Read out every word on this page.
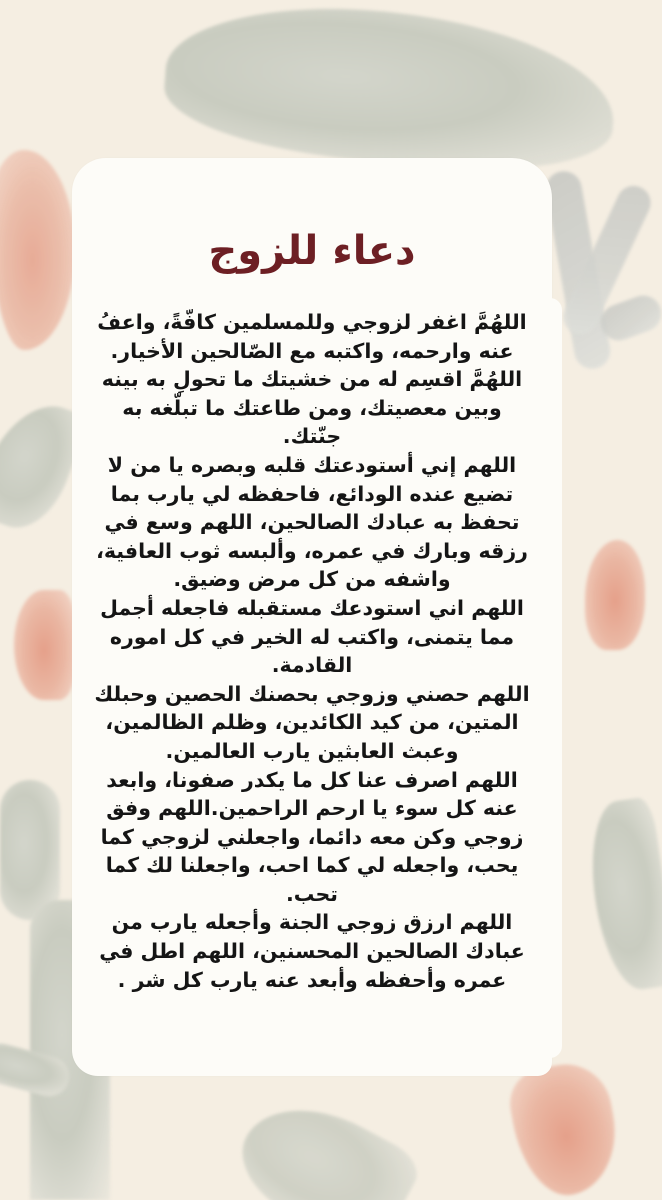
دعاء للزوج

اللهُمَّ اغفر لزوجي وللمسلمين كافّةً، واعفُ عنه وارحمه، واكتبه مع الصّالحين الأخيار.

اللهُمَّ اقسِم له من خشيتك ما تحولِ به بينه وبين معصيتك، ومن طاعتك ما تبلّغه به جنّتك.

اللهم إني أستودعتك قلبه وبصره يا من لا تضيع عنده الودائع، فاحفظه لي يارب بما تحفظ به عبادك الصالحين، اللهم وسع في رزقه وبارك في عمره، وألبسه ثوب العافية، واشفه من كل مرض وضيق.

اللهم اني استودعك مستقبله فاجعله أجمل مما يتمنى، واكتب له الخير في كل اموره القادمة.

اللهم حصني وزوجي بحصنك الحصين وحبلك المتين، من كيد الكائدين، وظلم الظالمين، وعبث العابثين يارب العالمين.

اللهم اصرف عنا كل ما يكدر صفونا، وابعد عنه كل سوء يا ارحم الراحمين.اللهم وفق زوجي وكن معه دائما، واجعلني لزوجي كما يحب، واجعله لي كما احب، واجعلنا لك كما تحب.

اللهم ارزق زوجي الجنة وأجعله يارب من عبادك الصالحين المحسنين، اللهم اطل في عمره وأحفظه وأبعد عنه يارب كل شر .
